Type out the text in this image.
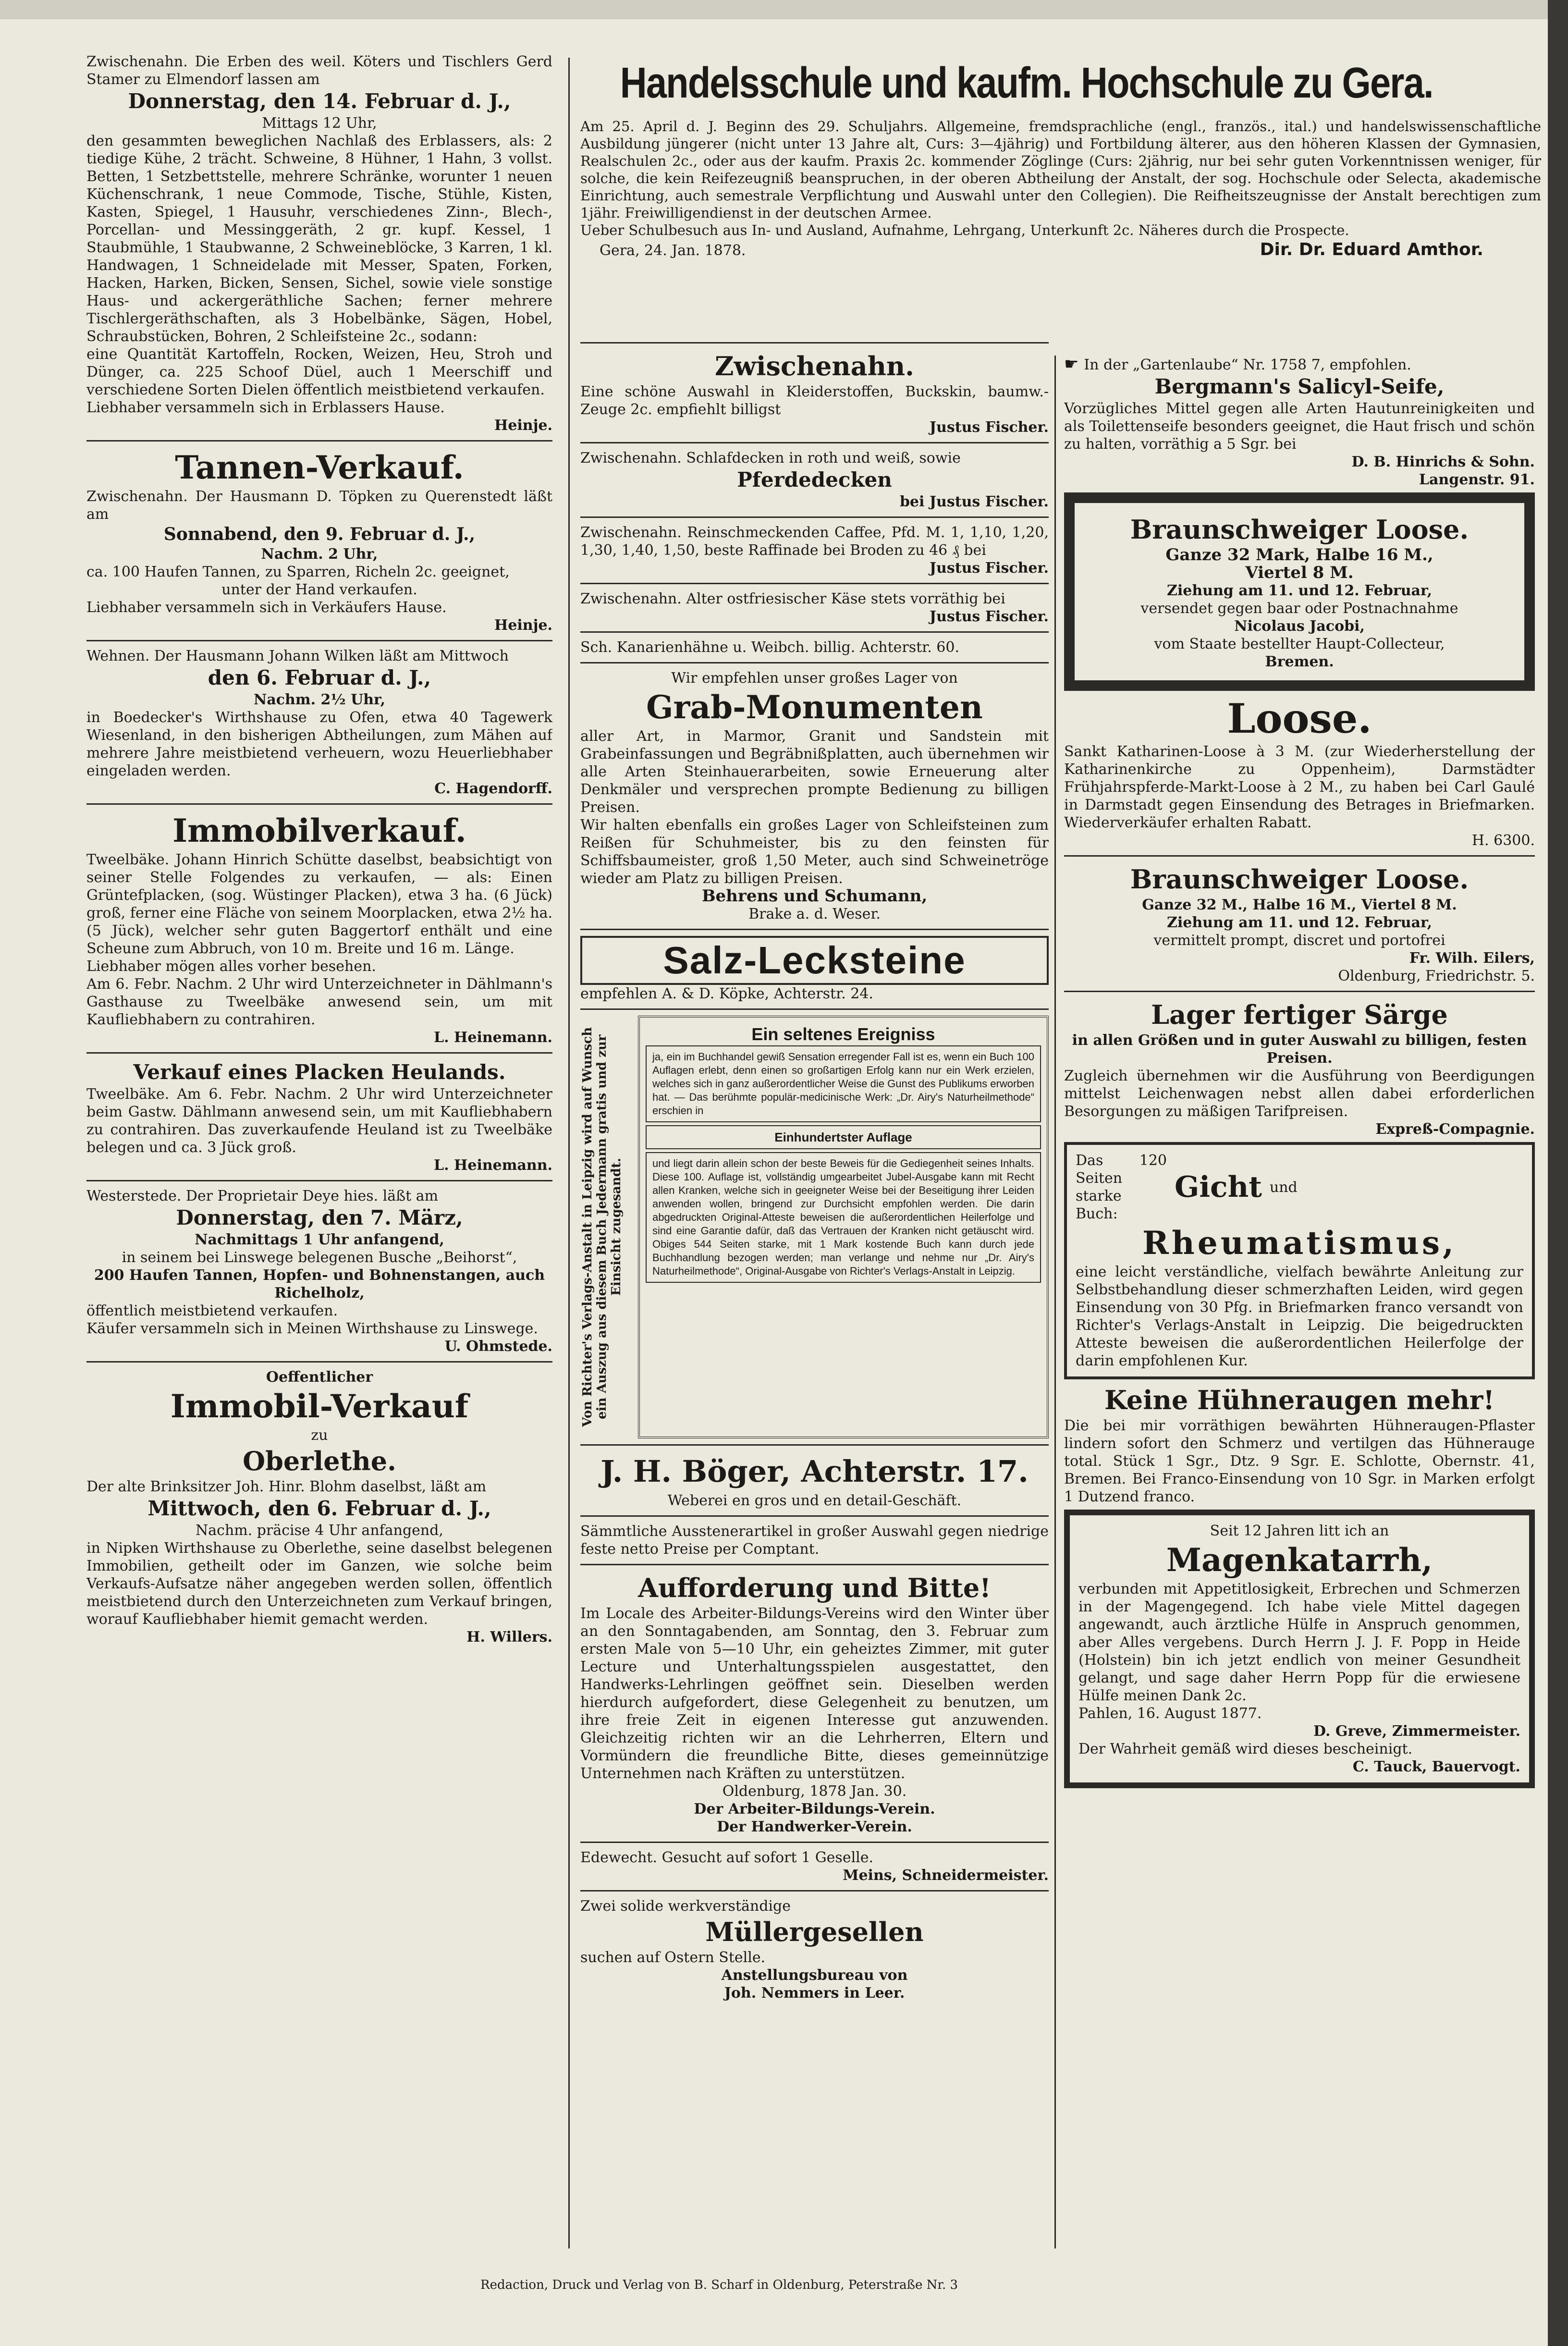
Handelsschule und kaufm. Hochschule zu Gera.

Zwischenahn. Die Erben des weil. Köters und Tischlers Gerd Stamer zu Elmendorf lassen am

Donnerstag, den 14. Februar d. J.,

Mittags 12 Uhr,

den gesammten beweglichen Nachlaß des Erblassers, als: 2 tiedige Kühe, 2 trächt. Schweine, 8 Hühner, 1 Hahn, 3 vollst. Betten, 1 Setzbettstelle, mehrere Schränke, worunter 1 neuen Küchenschrank, 1 neue Commode, Tische, Stühle, Kisten, Kasten, Spiegel, 1 Hausuhr, verschiedenes Zinn-, Blech-, Porcellan- und Messinggeräth, 2 gr. kupf. Kessel, 1 Staubmühle, 1 Staubwanne, 2 Schweineblöcke, 3 Karren, 1 kl. Handwagen, 1 Schneidelade mit Messer, Spaten, Forken, Hacken, Harken, Bicken, Sensen, Sichel, sowie viele sonstige Haus- und ackergeräthliche Sachen; ferner mehrere Tischlergeräthschaften, als 3 Hobelbänke, Sägen, Hobel, Schraubstücken, Bohren, 2 Schleifsteine 2c., sodann:

eine Quantität Kartoffeln, Rocken, Weizen, Heu, Stroh und Dünger, ca. 225 Schoof Düel, auch 1 Meerschiff und verschiedene Sorten Dielen öffentlich meistbietend verkaufen.

Liebhaber versammeln sich in Erblassers Hause.

Heinje.

Tannen-Verkauf.

Zwischenahn. Der Hausmann D. Töpken zu Querenstedt läßt am

Sonnabend, den 9. Februar d. J.,

Nachm. 2 Uhr,

ca. 100 Haufen Tannen, zu Sparren, Richeln 2c. geeignet,

unter der Hand verkaufen.

Liebhaber versammeln sich in Verkäufers Hause.

Heinje.

Wehnen. Der Hausmann Johann Wilken läßt am Mittwoch

den 6. Februar d. J.,

Nachm. 2½ Uhr,

in Boedecker's Wirthshause zu Ofen, etwa 40 Tagewerk Wiesenland, in den bisherigen Abtheilungen, zum Mähen auf mehrere Jahre meistbietend verheuern, wozu Heuerliebhaber eingeladen werden.

C. Hagendorff.

Immobilverkauf.

Tweelbäke. Johann Hinrich Schütte daselbst, beabsichtigt von seiner Stelle Folgendes zu verkaufen, — als: Einen Grüntefplacken, (sog. Wüstinger Placken), etwa 3 ha. (6 Jück) groß, ferner eine Fläche von seinem Moorplacken, etwa 2½ ha. (5 Jück), welcher sehr guten Baggertorf enthält und eine Scheune zum Abbruch, von 10 m. Breite und 16 m. Länge.

Liebhaber mögen alles vorher besehen.

Am 6. Febr. Nachm. 2 Uhr wird Unterzeichneter in Dählmann's Gasthause zu Tweelbäke anwesend sein, um mit Kaufliebhabern zu contrahiren.

L. Heinemann.

Verkauf eines Placken Heulands.

Tweelbäke. Am 6. Febr. Nachm. 2 Uhr wird Unterzeichneter beim Gastw. Dählmann anwesend sein, um mit Kaufliebhabern zu contrahiren. Das zuverkaufende Heuland ist zu Tweelbäke belegen und ca. 3 Jück groß.

L. Heinemann.

Westerstede. Der Proprietair Deye hies. läßt am

Donnerstag, den 7. März,

Nachmittags 1 Uhr anfangend,

in seinem bei Linswege belegenen Busche „Beihorst“,

200 Haufen Tannen, Hopfen- und Bohnenstangen, auch Richelholz,

öffentlich meistbietend verkaufen.

Käufer versammeln sich in Meinen Wirthshause zu Linswege.

U. Ohmstede.

Oeffentlicher

Immobil-Verkauf

zu

Oberlethe.

Der alte Brinksitzer Joh. Hinr. Blohm daselbst, läßt am

Mittwoch, den 6. Februar d. J.,

Nachm. präcise 4 Uhr anfangend,

in Nipken Wirthshause zu Oberlethe, seine daselbst belegenen Immobilien, getheilt oder im Ganzen, wie solche beim Verkaufs-Aufsatze näher angegeben werden sollen, öffentlich meistbietend durch den Unterzeichneten zum Verkauf bringen, worauf Kaufliebhaber hiemit gemacht werden.

H. Willers.

Am 25. April d. J. Beginn des 29. Schuljahrs. Allgemeine, fremdsprachliche (engl., französ., ital.) und handelswissenschaftliche Ausbildung jüngerer (nicht unter 13 Jahre alt, Curs: 3—4jährig) und Fortbildung älterer, aus den höheren Klassen der Gymnasien, Realschulen 2c., oder aus der kaufm. Praxis 2c. kommender Zöglinge (Curs: 2jährig, nur bei sehr guten Vorkenntnissen weniger, für solche, die kein Reifezeugniß beanspruchen, in der oberen Abtheilung der Anstalt, der sog. Hochschule oder Selecta, akademische Einrichtung, auch semestrale Verpflichtung und Auswahl unter den Collegien). Die Reifheitszeugnisse der Anstalt berechtigen zum 1jähr. Freiwilligendienst in der deutschen Armee.

Ueber Schulbesuch aus In- und Ausland, Aufnahme, Lehrgang, Unterkunft 2c. Näheres durch die Prospecte.

Gera, 24. Jan. 1878.	Dir. Dr. Eduard Amthor.

Zwischenahn.

Eine schöne Auswahl in Kleiderstoffen, Buckskin, baumw.-Zeuge 2c. empfiehlt billigst

Justus Fischer.

Zwischenahn. Schlafdecken in roth und weiß, sowie

Pferdedecken

bei Justus Fischer.

Zwischenahn. Reinschmeckenden Caffee, Pfd. M. 1, 1,10, 1,20, 1,30, 1,40, 1,50, beste Raffinade bei Broden zu 46 ₰ bei

Justus Fischer.

Zwischenahn. Alter ostfriesischer Käse stets vorräthig bei

Justus Fischer.

Sch. Kanarienhähne u. Weibch. billig. Achterstr. 60.

Wir empfehlen unser großes Lager von

Grab-Monumenten

aller Art, in Marmor, Granit und Sandstein mit Grabeinfassungen und Begräbnißplatten, auch übernehmen wir alle Arten Steinhauerarbeiten, sowie Erneuerung alter Denkmäler und versprechen prompte Bedienung zu billigen Preisen.

Wir halten ebenfalls ein großes Lager von Schleifsteinen zum Reißen für Schuhmeister, bis zu den feinsten für Schiffsbaumeister, groß 1,50 Meter, auch sind Schweinetröge wieder am Platz zu billigen Preisen.

Behrens und Schumann,

Brake a. d. Weser.

Salz-Lecksteine

empfehlen A. & D. Köpke, Achterstr. 24.

Von Richter's Verlags-Anstalt in Leipzig wird auf Wunsch ein Auszug aus diesem Buch Jedermann gratis und zur Einsicht zugesandt.
Ein seltenes Ereigniss
ja, ein im Buchhandel gewiß Sensation erregender Fall ist es, wenn ein Buch 100 Auflagen erlebt, denn einen so großartigen Erfolg kann nur ein Werk erzielen, welches sich in ganz außerordentlicher Weise die Gunst des Publikums erworben hat. — Das berühmte populär-medicinische Werk: „Dr. Airy's Naturheilmethode“ erschien in
Einhundertster Auflage
und liegt darin allein schon der beste Beweis für die Gediegenheit seines Inhalts. Diese 100. Auflage ist, vollständig umgearbeitet Jubel-Ausgabe kann mit Recht allen Kranken, welche sich in geeigneter Weise bei der Beseitigung ihrer Leiden anwenden wollen, bringend zur Durchsicht empfohlen werden. Die darin abgedruckten Original-Atteste beweisen die außerordentlichen Heilerfolge und sind eine Garantie dafür, daß das Vertrauen der Kranken nicht getäuscht wird. Obiges 544 Seiten starke, mit 1 Mark kostende Buch kann durch jede Buchhandlung bezogen werden; man verlange und nehme nur „Dr. Airy's Naturheilmethode“, Original-Ausgabe von Richter's Verlags-Anstalt in Leipzig.

J. H. Böger, Achterstr. 17.

Weberei en gros und en detail-Geschäft.

Sämmtliche Ausstenerartikel in großer Auswahl gegen niedrige feste netto Preise per Comptant.

Aufforderung und Bitte!

Im Locale des Arbeiter-Bildungs-Vereins wird den Winter über an den Sonntagabenden, am Sonntag, den 3. Februar zum ersten Male von 5—10 Uhr, ein geheiztes Zimmer, mit guter Lecture und Unterhaltungsspielen ausgestattet, den Handwerks-Lehrlingen geöffnet sein. Dieselben werden hierdurch aufgefordert, diese Gelegenheit zu benutzen, um ihre freie Zeit in eigenen Interesse gut anzuwenden. Gleichzeitig richten wir an die Lehrherren, Eltern und Vormündern die freundliche Bitte, dieses gemeinnützige Unternehmen nach Kräften zu unterstützen.

Oldenburg, 1878 Jan. 30.

Der Arbeiter-Bildungs-Verein.

Der Handwerker-Verein.

Edewecht. Gesucht auf sofort 1 Geselle.

Meins, Schneidermeister.

Zwei solide werkverständige

Müllergesellen

suchen auf Ostern Stelle.

Anstellungsbureau von

Joh. Nemmers in Leer.

☛ In der „Gartenlaube“ Nr. 1758 7, empfohlen.

Bergmann's Salicyl-Seife,

Vorzügliches Mittel gegen alle Arten Hautunreinigkeiten und als Toilettenseife besonders geeignet, die Haut frisch und schön zu halten, vorräthig a 5 Sgr. bei

D. B. Hinrichs & Sohn.

Langenstr. 91.

Braunschweiger Loose.

Ganze 32 Mark, Halbe 16 M.,

Viertel 8 M.

Ziehung am 11. und 12. Februar,

versendet gegen baar oder Postnachnahme

Nicolaus Jacobi,

vom Staate bestellter Haupt-Collecteur,

Bremen.

Loose.

Sankt Katharinen-Loose à 3 M. (zur Wiederherstellung der Katharinenkirche zu Oppenheim), Darmstädter Frühjahrspferde-Markt-Loose à 2 M., zu haben bei Carl Gaulé in Darmstadt gegen Einsendung des Betrages in Briefmarken. Wiederverkäufer erhalten Rabatt.

H. 6300.

Braunschweiger Loose.

Ganze 32 M., Halbe 16 M., Viertel 8 M.

Ziehung am 11. und 12. Februar,

vermittelt prompt, discret und portofrei

Fr. Wilh. Eilers,

Oldenburg, Friedrichstr. 5.

Lager fertiger Särge

in allen Größen und in guter Auswahl zu billigen, festen Preisen.

Zugleich übernehmen wir die Ausführung von Beerdigungen mittelst Leichenwagen nebst allen dabei erforderlichen Besorgungen zu mäßigen Tarifpreisen.

Expreß-Compagnie.

Das 120 Seiten starke Buch:
Gicht und

Rheumatismus,

eine leicht verständliche, vielfach bewährte Anleitung zur Selbstbehandlung dieser schmerzhaften Leiden, wird gegen Einsendung von 30 Pfg. in Briefmarken franco versandt von Richter's Verlags-Anstalt in Leipzig. Die beigedruckten Atteste beweisen die außerordentlichen Heilerfolge der darin empfohlenen Kur.

Keine Hühneraugen mehr!

Die bei mir vorräthigen bewährten Hühneraugen-Pflaster lindern sofort den Schmerz und vertilgen das Hühnerauge total. Stück 1 Sgr., Dtz. 9 Sgr. E. Schlotte, Obernstr. 41, Bremen. Bei Franco-Einsendung von 10 Sgr. in Marken erfolgt 1 Dutzend franco.

Seit 12 Jahren litt ich an

Magenkatarrh,

verbunden mit Appetitlosigkeit, Erbrechen und Schmerzen in der Magengegend. Ich habe viele Mittel dagegen angewandt, auch ärztliche Hülfe in Anspruch genommen, aber Alles vergebens. Durch Herrn J. J. F. Popp in Heide (Holstein) bin ich jetzt endlich von meiner Gesundheit gelangt, und sage daher Herrn Popp für die erwiesene Hülfe meinen Dank 2c.

Pahlen, 16. August 1877.

D. Greve, Zimmermeister.

Der Wahrheit gemäß wird dieses bescheinigt.

C. Tauck, Bauervogt.

Redaction, Druck und Verlag von B. Scharf in Oldenburg, Peterstraße Nr. 3
